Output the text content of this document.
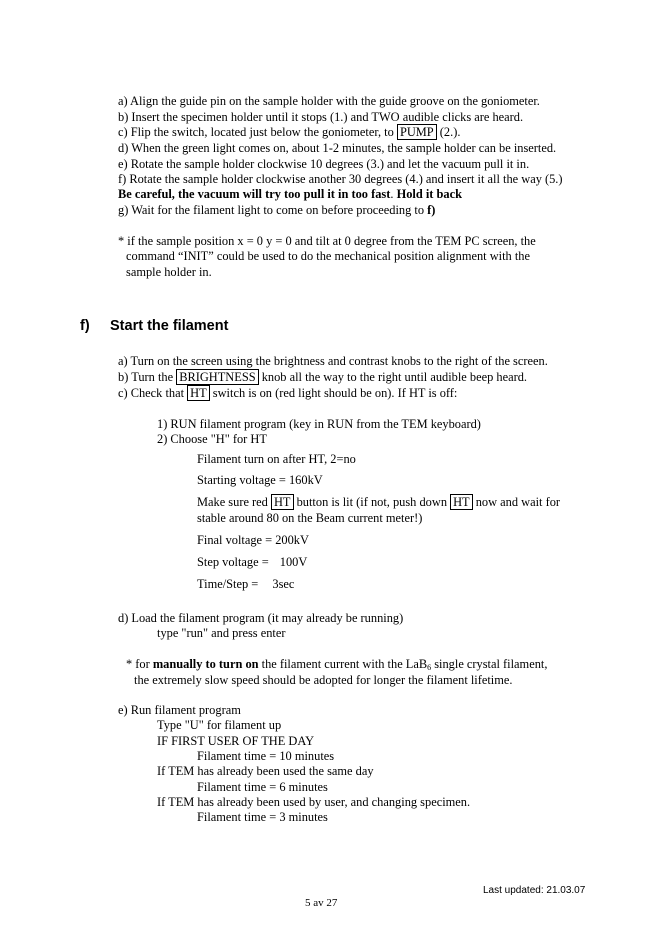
a) Align the guide pin on the sample holder with the guide groove on the goniometer.
b) Insert the specimen holder until it stops (1.) and TWO audible clicks are heard.
c) Flip the switch, located just below the goniometer, to PUMP (2.).
d) When the green light comes on, about 1-2 minutes, the sample holder can be inserted.
e) Rotate the sample holder clockwise 10 degrees (3.) and let the vacuum pull it in.
f) Rotate the sample holder clockwise another 30 degrees (4.) and insert it all the way (5.)
Be careful, the vacuum will try too pull it in too fast. Hold it back
g) Wait for the filament light to come on before proceeding to f)
* if the sample position x = 0 y = 0 and tilt at 0 degree from the TEM PC screen, the
command “INIT” could be used to do the mechanical position alignment with the
sample holder in.
f) Start the filament
a) Turn on the screen using the brightness and contrast knobs to the right of the screen.
b) Turn the BRIGHTNESS knob all the way to the right until audible beep heard.
c) Check that HT switch is on (red light should be on). If HT is off:
1) RUN filament program (key in RUN from the TEM keyboard)
2) Choose "H" for HT
Filament turn on after HT, 2=no
Starting voltage = 160kV
Make sure red HT button is lit (if not, push down HT now and wait for
stable around 80 on the Beam current meter!)
Final voltage = 200kV
Step voltage = 100V
Time/Step = 3sec
d) Load the filament program (it may already be running)
type "run" and press enter
* for manually to turn on the filament current with the LaB$_6$ single crystal filament,
the extremely slow speed should be adopted for longer the filament lifetime.
e) Run filament program
Type "U" for filament up
IF FIRST USER OF THE DAY
Filament time = 10 minutes
If TEM has already been used the same day
Filament time = 6 minutes
If TEM has already been used by user, and changing specimen.
Filament time = 3 minutes
Last updated: 21.03.07
5 av 27
